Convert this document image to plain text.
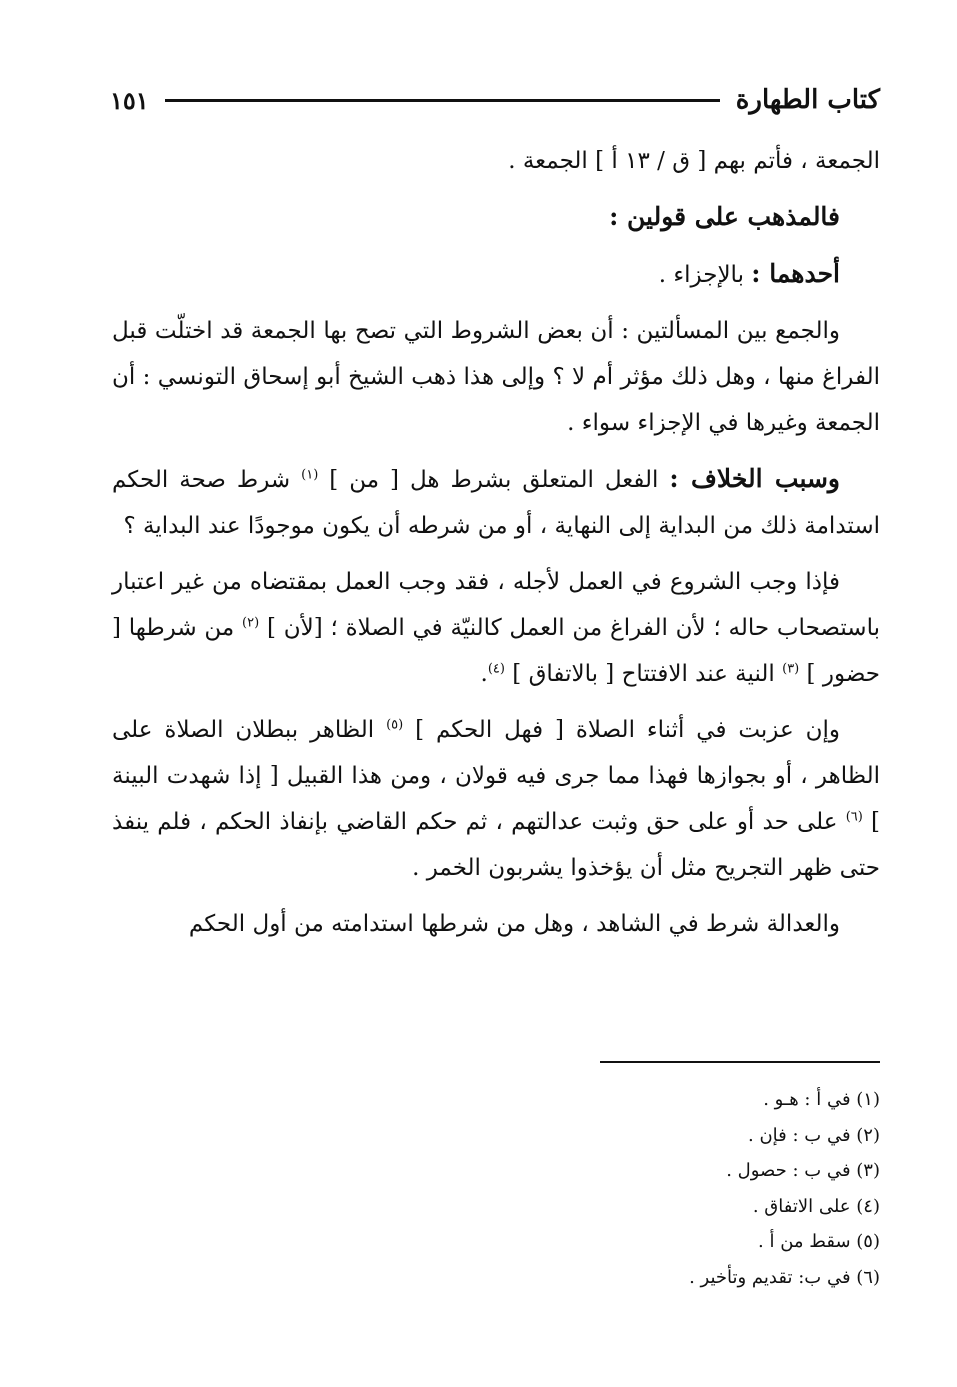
كتاب الطهارة
١٥١

الجمعة ، فأتم بهم [ ق / ١٣ أ ] الجمعة .

فالمذهب على قولين :

أحدهما : بالإجزاء .

والجمع بين المسألتين : أن بعض الشروط التي تصح بها الجمعة قد اختلّت قبل الفراغ منها ، وهل ذلك مؤثر أم لا ؟ وإلى هذا ذهب الشيخ أبو إسحاق التونسي : أن الجمعة وغيرها في الإجزاء سواء .

وسبب الخلاف : الفعل المتعلق بشرط هل [ من ] $^{(١)}$ شرط صحة الحكم استدامة ذلك من البداية إلى النهاية ، أو من شرطه أن يكون موجودًا عند البداية ؟

فإذا وجب الشروع في العمل لأجله ، فقد وجب العمل بمقتضاه من غير اعتبار باستصحاب حاله ؛ لأن الفراغ من العمل كالنيّة في الصلاة ؛ [لأن ] $^{(٢)}$ من شرطها [ حضور ] $^{(٣)}$ النية عند الافتتاح [ بالاتفاق ] $^{(٤)}$.

وإن عزبت في أثناء الصلاة [ فهل الحكم ] $^{(٥)}$ الظاهر ببطلان الصلاة على الظاهر ، أو بجوازها فهذا مما جرى فيه قولان ، ومن هذا القبيل [ إذا شهدت البينة ] $^{(٦)}$ على حد أو على حق وثبت عدالتهم ، ثم حكم القاضي بإنفاذ الحكم ، فلم ينفذ حتى ظهر التجريح مثل أن يؤخذوا يشربون الخمر .

والعدالة شرط في الشاهد ، وهل من شرطها استدامته من أول الحكم

(١) في أ : هـو .
(٢) في ب : فإن .
(٣) في ب : حصول .
(٤) على الاتفاق .
(٥) سقط من أ .
(٦) في ب: تقديم وتأخير .
